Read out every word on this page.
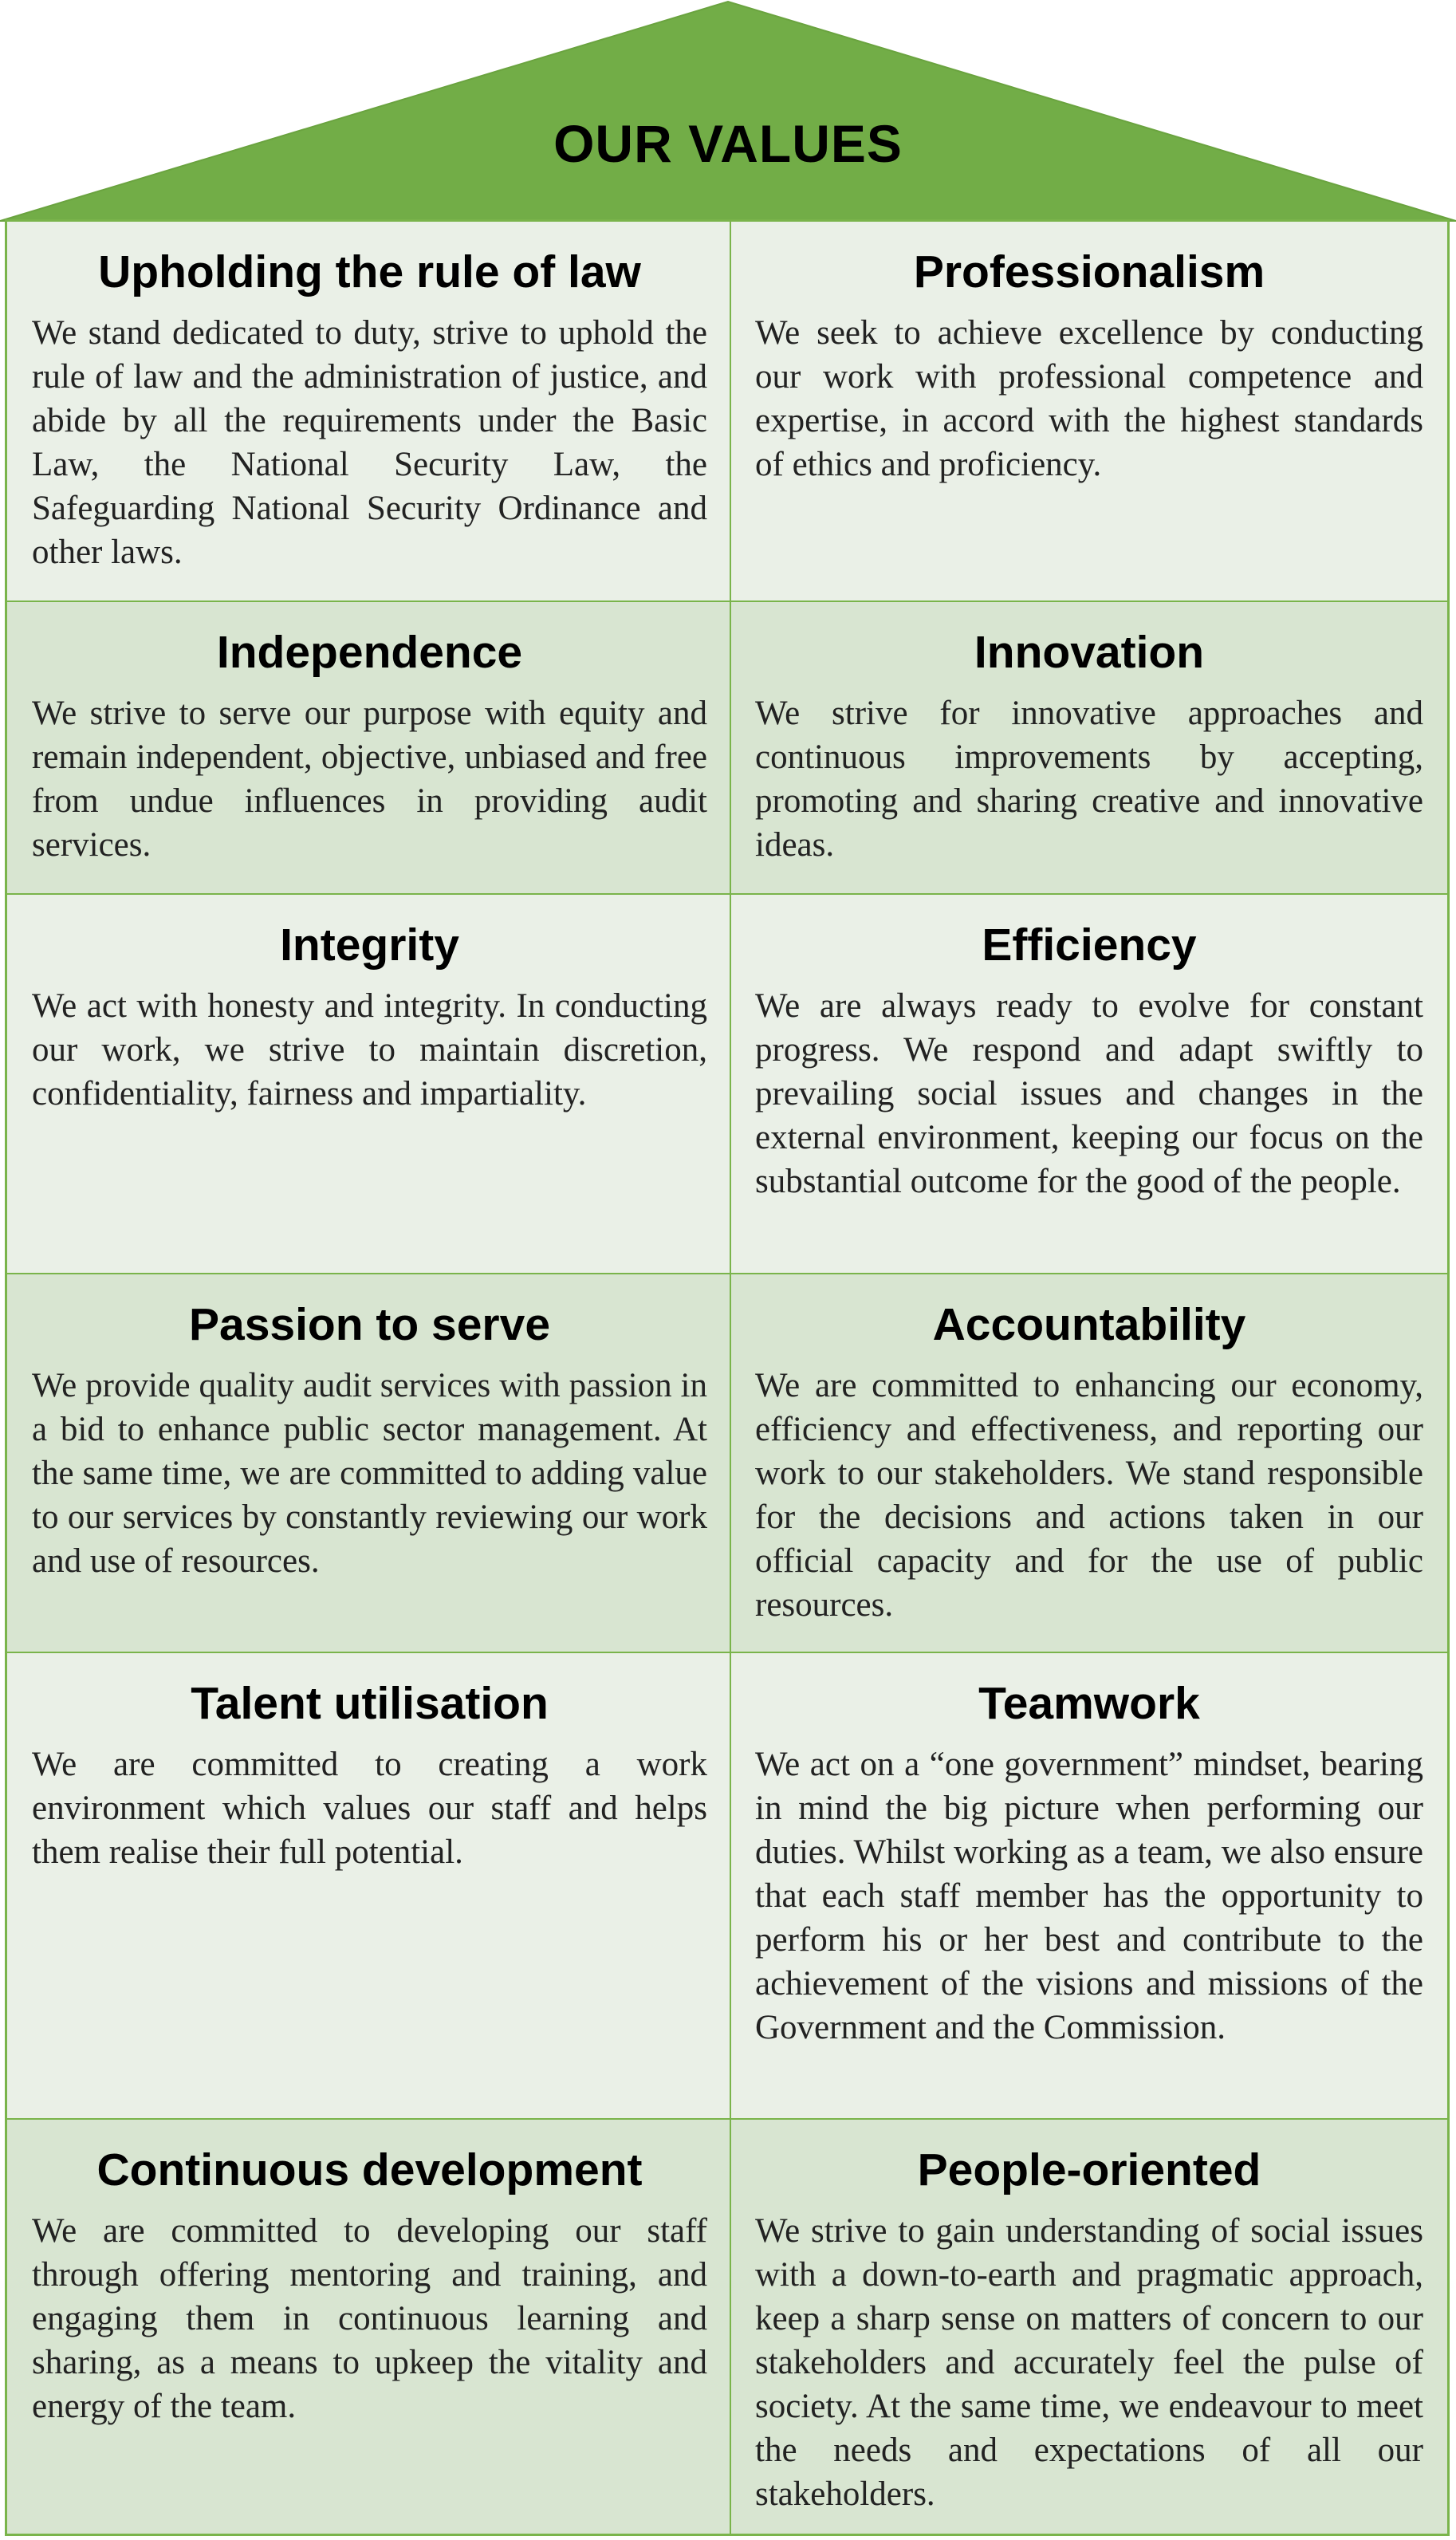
OUR VALUES
Upholding the rule of law

We stand dedicated to duty, strive to uphold the rule of law and the administration of justice, and abide by all the requirements under the Basic Law, the National Security Law, the Safeguarding National Security Ordinance and other laws.

Professionalism

We seek to achieve excellence by conducting our work with professional competence and expertise, in accord with the highest standards of ethics and proficiency.

Independence

We strive to serve our purpose with equity and remain independent, objective, unbiased and free from undue influences in providing audit services.

Innovation

We strive for innovative approaches and continuous improvements by accepting, promoting and sharing creative and innovative ideas.

Integrity

We act with honesty and integrity. In conducting our work, we strive to maintain discretion, confidentiality, fairness and impartiality.

Efficiency

We are always ready to evolve for constant progress. We respond and adapt swiftly to prevailing social issues and changes in the external environment, keeping our focus on the substantial outcome for the good of the people.

Passion to serve

We provide quality audit services with passion in a bid to enhance public sector management. At the same time, we are committed to adding value to our services by constantly reviewing our work and use of resources.

Accountability

We are committed to enhancing our economy, efficiency and effectiveness, and reporting our work to our stakeholders. We stand responsible for the decisions and actions taken in our official capacity and for the use of public resources.

Talent utilisation

We are committed to creating a work environment which values our staff and helps them realise their full potential.

Teamwork

We act on a “one government” mindset, bearing in mind the big picture when performing our duties. Whilst working as a team, we also ensure that each staff member has the opportunity to perform his or her best and contribute to the achievement of the visions and missions of the Government and the Commission.

Continuous development

We are committed to developing our staff through offering mentoring and training, and engaging them in continuous learning and sharing, as a means to upkeep the vitality and energy of the team.

People-oriented

We strive to gain understanding of social issues with a down-to-earth and pragmatic approach, keep a sharp sense on matters of concern to our stakeholders and accurately feel the pulse of society. At the same time, we endeavour to meet the needs and expectations of all our stakeholders.
